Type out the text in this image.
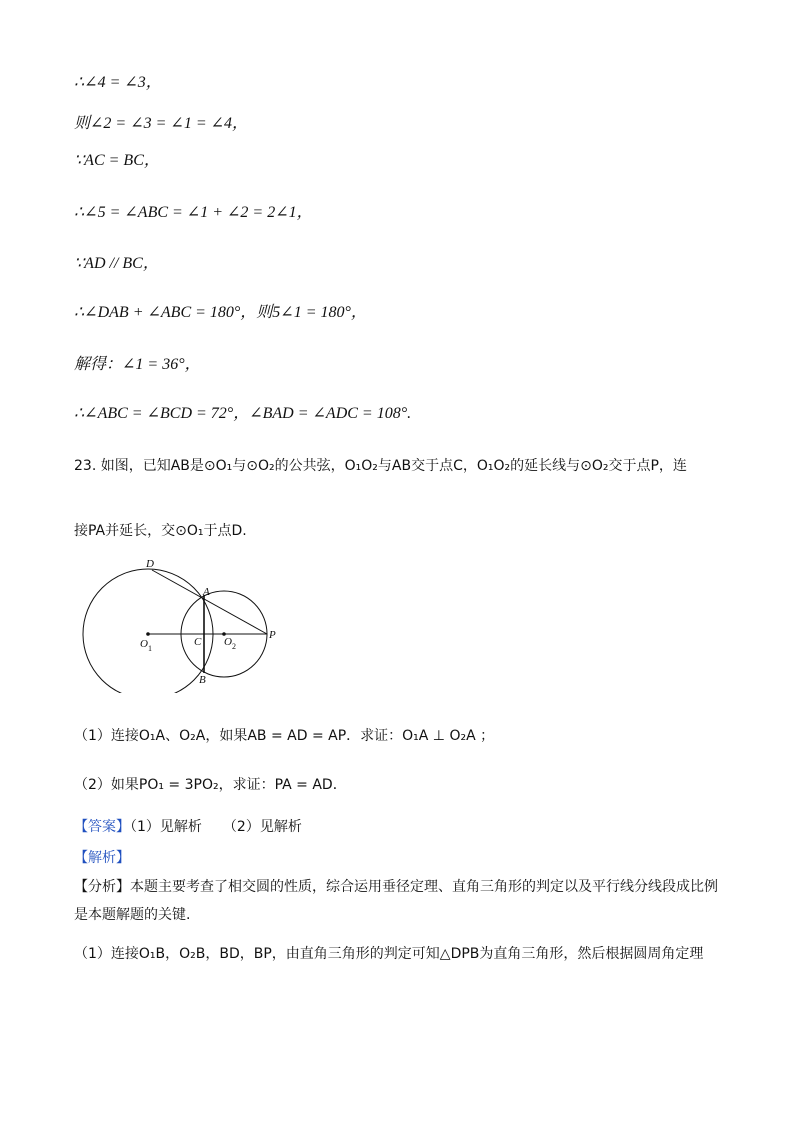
∴∠4 = ∠3，
则∠2 = ∠3 = ∠1 = ∠4，
∵AC = BC，
∴∠5 = ∠ABC = ∠1 + ∠2 = 2∠1，
∵AD // BC，
∴∠DAB + ∠ABC = 180°，则5∠1 = 180°，
解得：∠1 = 36°，
∴∠ABC = ∠BCD = 72°，∠BAD = ∠ADC = 108°.
23. 如图，已知AB是⊙O₁与⊙O₂的公共弦，O₁O₂与AB交于点C，O₁O₂的延长线与⊙O₂交于点P，连
接PA并延长，交⊙O₁于点D.
D
A
O 1
C O 2
P
B
（1）连接O₁A、O₂A，如果AB = AD = AP．求证：O₁A ⊥ O₂A ；
（2）如果PO₁ = 3PO₂，求证：PA = AD．
【答案】（1）见解析　　（2）见解析
【解析】
【分析】本题主要考查了相交圆的性质，综合运用垂径定理、直角三角形的判定以及平行线分线段成比例
是本题解题的关键.
（1）连接O₁B，O₂B，BD，BP，由直角三角形的判定可知△DPB为直角三角形，然后根据圆周角定理
